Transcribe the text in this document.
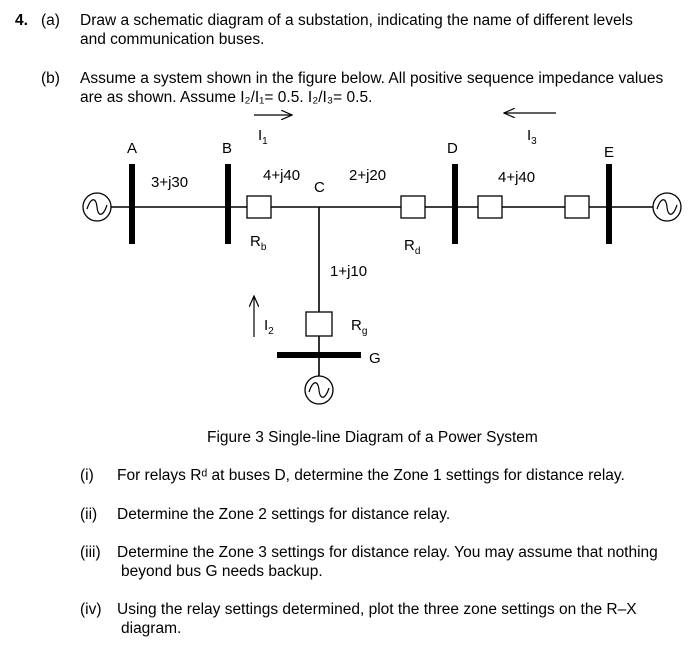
4. (a) Draw a schematic diagram of a substation, indicating the name of different levels
and communication buses.
(b) Assume a system shown in the figure below. All positive sequence impedance values
are as shown. Assume I₂/I₁= 0.5. I₂/I₃= 0.5.
A	B
C
D	E
G
3+j30	4+j40	2+j20	4+j40
1+j10
$I_1$	$I_3$
$I_2$
$R_b$	$R_d$
$R_g$
Figure 3 Single-line Diagram of a Power System
(i) For relays Rᵈ at buses D, determine the Zone 1 settings for distance relay.
(ii) Determine the Zone 2 settings for distance relay.
(iii) Determine the Zone 3 settings for distance relay. You may assume that nothing
beyond bus G needs backup.
(iv) Using the relay settings determined, plot the three zone settings on the R–X
diagram.
